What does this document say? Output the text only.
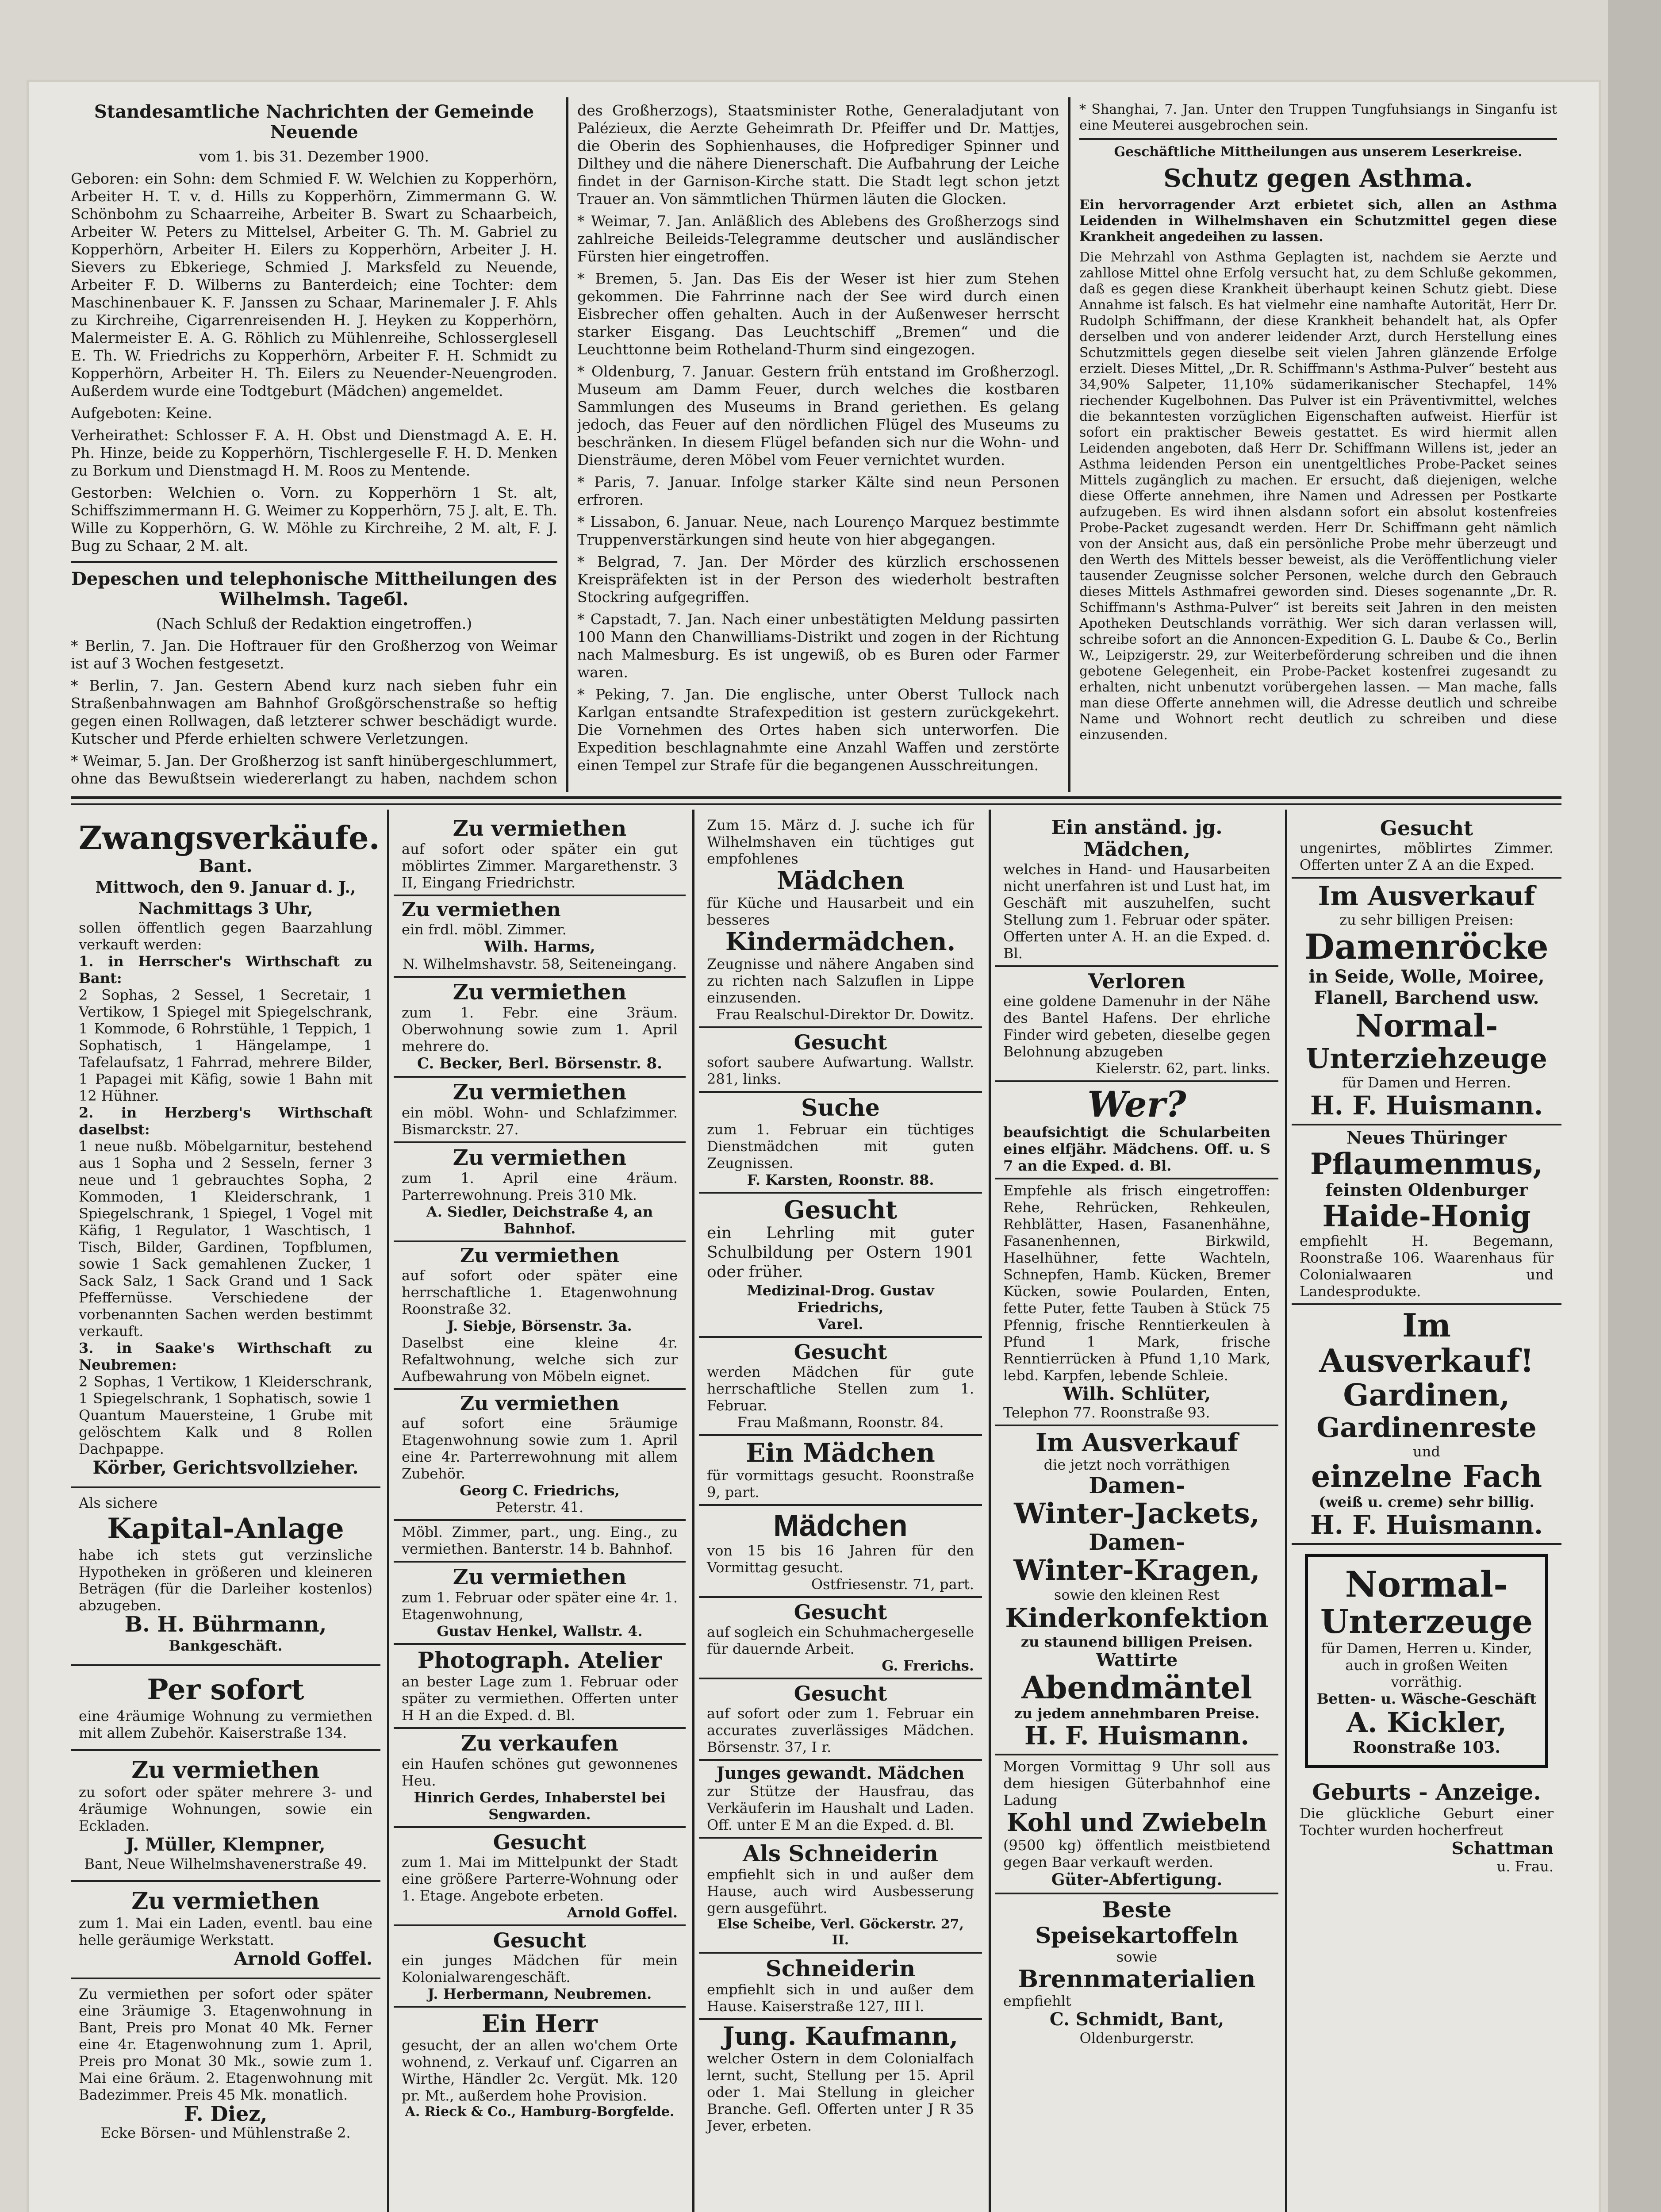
Standesamtliche Nachrichten der Gemeinde Neuende

vom 1. bis 31. Dezember 1900.

Geboren: ein Sohn: dem Schmied F. W. Welchien zu Kopperhörn, Arbeiter H. T. v. d. Hills zu Kopperhörn, Zimmermann G. W. Schönbohm zu Schaarreihe, Arbeiter B. Swart zu Schaarbeich, Arbeiter W. Peters zu Mittelsel, Arbeiter G. Th. M. Gabriel zu Kopperhörn, Arbeiter H. Eilers zu Kopperhörn, Arbeiter J. H. Sievers zu Ebkeriege, Schmied J. Marksfeld zu Neuende, Arbeiter F. D. Wilberns zu Banterdeich; eine Tochter: dem Maschinenbauer K. F. Janssen zu Schaar, Marinemaler J. F. Ahls zu Kirchreihe, Cigarrenreisenden H. J. Heyken zu Kopperhörn, Malermeister E. A. G. Röhlich zu Mühlenreihe, Schlosserglesell E. Th. W. Friedrichs zu Kopperhörn, Arbeiter F. H. Schmidt zu Kopperhörn, Arbeiter H. Th. Eilers zu Neuender-Neuengroden. Außerdem wurde eine Todtgeburt (Mädchen) angemeldet.

Aufgeboten: Keine.

Verheirathet: Schlosser F. A. H. Obst und Dienstmagd A. E. H. Ph. Hinze, beide zu Kopperhörn, Tischlergeselle F. H. D. Menken zu Borkum und Dienstmagd H. M. Roos zu Mentende.

Gestorben: Welchien o. Vorn. zu Kopperhörn 1 St. alt, Schiffszimmermann H. G. Weimer zu Kopperhörn, 75 J. alt, E. Th. Wille zu Kopperhörn, G. W. Möhle zu Kirchreihe, 2 M. alt, F. J. Bug zu Schaar, 2 M. alt.

Depeschen und telephonische Mittheilungen des Wilhelmsh. Tageбl.

(Nach Schluß der Redaktion eingetroffen.)

* Berlin, 7. Jan. Die Hoftrauer für den Großherzog von Weimar ist auf 3 Wochen festgesetzt.

* Berlin, 7. Jan. Gestern Abend kurz nach sieben fuhr ein Straßenbahnwagen am Bahnhof Großgörschenstraße so heftig gegen einen Rollwagen, daß letzterer schwer beschädigt wurde. Kutscher und Pferde erhielten schwere Verletzungen.

* Weimar, 5. Jan. Der Großherzog ist sanft hinübergeschlummert, ohne das Bewußtsein wiedererlangt zu haben, nachdem schon

des Großherzogs), Staatsminister Rothe, Generaladjutant von Palézieux, die Aerzte Geheimrath Dr. Pfeiffer und Dr. Mattjes, die Oberin des Sophienhauses, die Hofprediger Spinner und Dilthey und die nähere Dienerschaft. Die Aufbahrung der Leiche findet in der Garnison-Kirche statt. Die Stadt legt schon jetzt Trauer an. Von sämmtlichen Thürmen läuten die Glocken.

* Weimar, 7. Jan. Anläßlich des Ablebens des Großherzogs sind zahlreiche Beileids-Telegramme deutscher und ausländischer Fürsten hier eingetroffen.

* Bremen, 5. Jan. Das Eis der Weser ist hier zum Stehen gekommen. Die Fahrrinne nach der See wird durch einen Eisbrecher offen gehalten. Auch in der Außenweser herrscht starker Eisgang. Das Leuchtschiff „Bremen“ und die Leuchttonne beim Rotheland-Thurm sind eingezogen.

* Oldenburg, 7. Januar. Gestern früh entstand im Großherzogl. Museum am Damm Feuer, durch welches die kostbaren Sammlungen des Museums in Brand geriethen. Es gelang jedoch, das Feuer auf den nördlichen Flügel des Museums zu beschränken. In diesem Flügel befanden sich nur die Wohn- und Diensträume, deren Möbel vom Feuer vernichtet wurden.

* Paris, 7. Januar. Infolge starker Kälte sind neun Personen erfroren.

* Lissabon, 6. Januar. Neue, nach Lourenço Marquez bestimmte Truppenverstärkungen sind heute von hier abgegangen.

* Belgrad, 7. Jan. Der Mörder des kürzlich erschossenen Kreispräfekten ist in der Person des wiederholt bestraften Stockring aufgegriffen.

* Capstadt, 7. Jan. Nach einer unbestätigten Meldung passirten 100 Mann den Chanwilliams-Distrikt und zogen in der Richtung nach Malmesburg. Es ist ungewiß, ob es Buren oder Farmer waren.

* Peking, 7. Jan. Die englische, unter Oberst Tullock nach Karlgan entsandte Strafexpedition ist gestern zurückgekehrt. Die Vornehmen des Ortes haben sich unterworfen. Die Expedition beschlagnahmte eine Anzahl Waffen und zerstörte einen Tempel zur Strafe für die begangenen Ausschreitungen.

* Shanghai, 7. Jan. Unter den Truppen Tungfuhsiangs in Singanfu ist eine Meuterei ausgebrochen sein.

Geschäftliche Mittheilungen aus unserem Leserkreise.

Schutz gegen Asthma.

Ein hervorragender Arzt erbietet sich, allen an Asthma Leidenden in Wilhelmshaven ein Schutzmittel gegen diese Krankheit angedeihen zu lassen.

Die Mehrzahl von Asthma Geplagten ist, nachdem sie Aerzte und zahllose Mittel ohne Erfolg versucht hat, zu dem Schluße gekommen, daß es gegen diese Krankheit überhaupt keinen Schutz giebt. Diese Annahme ist falsch. Es hat vielmehr eine namhafte Autorität, Herr Dr. Rudolph Schiffmann, der diese Krankheit behandelt hat, als Opfer derselben und von anderer leidender Arzt, durch Herstellung eines Schutzmittels gegen dieselbe seit vielen Jahren glänzende Erfolge erzielt. Dieses Mittel, „Dr. R. Schiffmann's Asthma-Pulver“ besteht aus 34,90% Salpeter, 11,10% südamerikanischer Stechapfel, 14% riechender Kugelbohnen. Das Pulver ist ein Präventivmittel, welches die bekanntesten vorzüglichen Eigenschaften aufweist. Hierfür ist sofort ein praktischer Beweis gestattet. Es wird hiermit allen Leidenden angeboten, daß Herr Dr. Schiffmann Willens ist, jeder an Asthma leidenden Person ein unentgeltliches Probe-Packet seines Mittels zugänglich zu machen. Er ersucht, daß diejenigen, welche diese Offerte annehmen, ihre Namen und Adressen per Postkarte aufzugeben. Es wird ihnen alsdann sofort ein absolut kostenfreies Probe-Packet zugesandt werden. Herr Dr. Schiffmann geht nämlich von der Ansicht aus, daß ein persönliche Probe mehr überzeugt und den Werth des Mittels besser beweist, als die Veröffentlichung vieler tausender Zeugnisse solcher Personen, welche durch den Gebrauch dieses Mittels Asthmafrei geworden sind. Dieses sogenannte „Dr. R. Schiffmann's Asthma-Pulver“ ist bereits seit Jahren in den meisten Apotheken Deutschlands vorräthig. Wer sich daran verlassen will, schreibe sofort an die Annoncen-Expedition G. L. Daube & Co., Berlin W., Leipzigerstr. 29, zur Weiterbeförderung schreiben und die ihnen gebotene Gelegenheit, ein Probe-Packet kostenfrei zugesandt zu erhalten, nicht unbenutzt vorübergehen lassen. — Man mache, falls man diese Offerte annehmen will, die Adresse deutlich und schreibe Name und Wohnort recht deutlich zu schreiben und diese einzusenden.

Zwangsverkäufe.
Bant.
Mittwoch, den 9. Januar d. J., Nachmittags 3 Uhr,
sollen öffentlich gegen Baarzahlung verkauft werden:
1. in Herrscher's Wirthschaft zu Bant:
2 Sophas, 2 Sessel, 1 Secretair, 1 Vertikow, 1 Spiegel mit Spiegelschrank, 1 Kommode, 6 Rohrstühle, 1 Teppich, 1 Sophatisch, 1 Hängelampe, 1 Tafelaufsatz, 1 Fahrrad, mehrere Bilder, 1 Papagei mit Käfig, sowie 1 Bahn mit 12 Hühner.
2. in Herzberg's Wirthschaft daselbst:
1 neue nußb. Möbelgarnitur, bestehend aus 1 Sopha und 2 Sesseln, ferner 3 neue und 1 gebrauchtes Sopha, 2 Kommoden, 1 Kleiderschrank, 1 Spiegelschrank, 1 Spiegel, 1 Vogel mit Käfig, 1 Regulator, 1 Waschtisch, 1 Tisch, Bilder, Gardinen, Topfblumen, sowie 1 Sack gemahlenen Zucker, 1 Sack Salz, 1 Sack Grand und 1 Sack Pfeffernüsse. Verschiedene der vorbenannten Sachen werden bestimmt verkauft.
3. in Saake's Wirthschaft zu Neubremen:
2 Sophas, 1 Vertikow, 1 Kleiderschrank, 1 Spiegelschrank, 1 Sophatisch, sowie 1 Quantum Mauersteine, 1 Grube mit gelöschtem Kalk und 8 Rollen Dachpappe.
Körber, Gerichtsvollzieher.
Als sichere
Kapital-Anlage
habe ich stets gut verzinsliche Hypotheken in größeren und kleineren Beträgen (für die Darleiher kostenlos) abzugeben.
B. H. Bührmann,
Bankgeschäft.
Per sofort
eine 4räumige Wohnung zu vermiethen mit allem Zubehör. Kaiserstraße 134.
Zu vermiethen
zu sofort oder später mehrere 3- und 4räumige Wohnungen, sowie ein Eckladen.
J. Müller, Klempner,
Bant, Neue Wilhelmshavenerstraße 49.
Zu vermiethen
zum 1. Mai ein Laden, eventl. bau eine helle geräumige Werkstatt.
Arnold Goffel.
Zu vermiethen per sofort oder später eine 3räumige 3. Etagenwohnung in Bant, Preis pro Monat 40 Mk. Ferner eine 4r. Etagenwohnung zum 1. April, Preis pro Monat 30 Mk., sowie zum 1. Mai eine 6räum. 2. Etagenwohnung mit Badezimmer. Preis 45 Mk. monatlich.
F. Diez,
Ecke Börsen- und Mühlenstraße 2.
Zu vermiethen
auf sofort oder später ein gut möblirtes Zimmer. Margarethenstr. 3 II, Eingang Friedrichstr.
Zu vermiethen
ein frdl. möbl. Zimmer.
Wilh. Harms,
N. Wilhelmshavstr. 58, Seiteneingang.
Zu vermiethen
zum 1. Febr. eine 3räum. Oberwohnung sowie zum 1. April mehrere do.
C. Becker, Berl. Börsenstr. 8.
Zu vermiethen
ein möbl. Wohn- und Schlafzimmer. Bismarckstr. 27.
Zu vermiethen
zum 1. April eine 4räum. Parterrewohnung. Preis 310 Mk.
A. Siedler, Deichstraße 4, an Bahnhof.
Zu vermiethen
auf sofort oder später eine herrschaftliche 1. Etagenwohnung Roonstraße 32.
J. Siebje, Börsenstr. 3a.
Daselbst eine kleine 4r. Refaltwohnung, welche sich zur Aufbewahrung von Möbeln eignet.
Zu vermiethen
auf sofort eine 5räumige Etagenwohnung sowie zum 1. April eine 4r. Parterrewohnung mit allem Zubehör.
Georg C. Friedrichs,
Peterstr. 41.
Möbl. Zimmer, part., ung. Eing., zu vermiethen. Banterstr. 14 b. Bahnhof.
Zu vermiethen
zum 1. Februar oder später eine 4r. 1. Etagenwohnung,
Gustav Henkel, Wallstr. 4.
Photograph. Atelier
an bester Lage zum 1. Februar oder später zu vermiethen. Offerten unter H H an die Exped. d. Bl.
Zu verkaufen
ein Haufen schönes gut gewonnenes Heu.
Hinrich Gerdes, Inhaberstel bei Sengwarden.
Gesucht
zum 1. Mai im Mittelpunkt der Stadt eine größere Parterre-Wohnung oder 1. Etage. Angebote erbeten.
Arnold Goffel.
Gesucht
ein junges Mädchen für mein Kolonialwarengeschäft.
J. Herbermann, Neubremen.
Ein Herr
gesucht, der an allen wo'chem Orte wohnend, z. Verkauf unf. Cigarren an Wirthe, Händler 2c. Vergüt. Mk. 120 pr. Mt., außerdem hohe Provision.
A. Rieck & Co., Hamburg-Borgfelde.
Zum 15. März d. J. suche ich für Wilhelmshaven ein tüchtiges gut empfohlenes
Mädchen
für Küche und Hausarbeit und ein besseres
Kindermädchen.
Zeugnisse und nähere Angaben sind zu richten nach Salzuflen in Lippe einzusenden.
Frau Realschul-Direktor Dr. Dowitz.
Gesucht
sofort saubere Aufwartung. Wallstr. 281, links.
Suche
zum 1. Februar ein tüchtiges Dienstmädchen mit guten Zeugnissen.
F. Karsten, Roonstr. 88.
Gesucht
ein Lehrling mit guter Schulbildung per Ostern 1901 oder früher.
Medizinal-Drog. Gustav Friedrichs,
Varel.
Gesucht
werden Mädchen für gute herrschaftliche Stellen zum 1. Februar.
Frau Maßmann, Roonstr. 84.
Ein Mädchen
für vormittags gesucht. Roonstraße 9, part.
Mädchen
von 15 bis 16 Jahren für den Vormittag gesucht.
Ostfriesenstr. 71, part.
Gesucht
auf sogleich ein Schuhmachergeselle für dauernde Arbeit.
G. Frerichs.
Gesucht
auf sofort oder zum 1. Februar ein accurates zuverlässiges Mädchen. Börsenstr. 37, I r.
Junges gewandt. Mädchen
zur Stütze der Hausfrau, das Verkäuferin im Haushalt und Laden. Off. unter E M an die Exped. d. Bl.
Als Schneiderin
empfiehlt sich in und außer dem Hause, auch wird Ausbesserung gern ausgeführt.
Else Scheibe, Verl. Göckerstr. 27, II.
Schneiderin
empfiehlt sich in und außer dem Hause. Kaiserstraße 127, III l.
Jung. Kaufmann,
welcher Ostern in dem Colonialfach lernt, sucht, Stellung per 15. April oder 1. Mai Stellung in gleicher Branche. Gefl. Offerten unter J R 35 Jever, erbeten.
Ein anständ. jg. Mädchen,
welches in Hand- und Hausarbeiten nicht unerfahren ist und Lust hat, im Geschäft mit auszuhelfen, sucht Stellung zum 1. Februar oder später. Offerten unter A. H. an die Exped. d. Bl.
Verloren
eine goldene Damenuhr in der Nähe des Bantel Hafens. Der ehrliche Finder wird gebeten, dieselbe gegen Belohnung abzugeben
Kielerstr. 62, part. links.
Wer?
beaufsichtigt die Schularbeiten eines elfjähr. Mädchens. Off. u. S 7 an die Exped. d. Bl.
Empfehle als frisch eingetroffen: Rehe, Rehrücken, Rehkeulen, Rehblätter, Hasen, Fasanenhähne, Fasanenhennen, Birkwild, Haselhühner, fette Wachteln, Schnepfen, Hamb. Kücken, Bremer Kücken, sowie Poularden, Enten, fette Puter, fette Tauben à Stück 75 Pfennig, frische Renntierkeulen à Pfund 1 Mark, frische Renntierrücken à Pfund 1,10 Mark, lebd. Karpfen, lebende Schleie.
Wilh. Schlüter,
Telephon 77. Roonstraße 93.
Im Ausverkauf
die jetzt noch vorräthigen
Damen-
Winter-Jackets,
Damen-
Winter-Kragen,
sowie den kleinen Rest
Kinderkonfektion
zu staunend billigen Preisen.
Wattirte
Abendmäntel
zu jedem annehmbaren Preise.
H. F. Huismann.
Morgen Vormittag 9 Uhr soll aus dem hiesigen Güterbahnhof eine Ladung
Kohl und Zwiebeln
(9500 kg) öffentlich meistbietend gegen Baar verkauft werden.
Güter-Abfertigung.
Beste Speisekartoffeln
sowie
Brennmaterialien
empfiehlt
C. Schmidt, Bant,
Oldenburgerstr.
Gesucht
ungenirtes, möblirtes Zimmer. Offerten unter Z A an die Exped.
Im Ausverkauf
zu sehr billigen Preisen:
Damenröcke
in Seide, Wolle, Moiree, Flanell, Barchend usw.
Normal-
Unterziehzeuge
für Damen und Herren.
H. F. Huismann.
Neues Thüringer
Pflaumenmus,
feinsten Oldenburger
Haide-Honig
empfiehlt H. Begemann, Roonstraße 106. Waarenhaus für Colonialwaaren und Landesprodukte.
Im Ausverkauf!
Gardinen,
Gardinenreste
und
einzelne Fach
(weiß u. creme) sehr billig.
H. F. Huismann.
Normal-
Unterzeuge
für Damen, Herren u. Kinder, auch in großen Weiten vorräthig.
Betten- u. Wäsche-Geschäft
A. Kickler,
Roonstraße 103.
Geburts - Anzeige.
Die glückliche Geburt einer Tochter wurden hocherfreut
Schattman
u. Frau.
